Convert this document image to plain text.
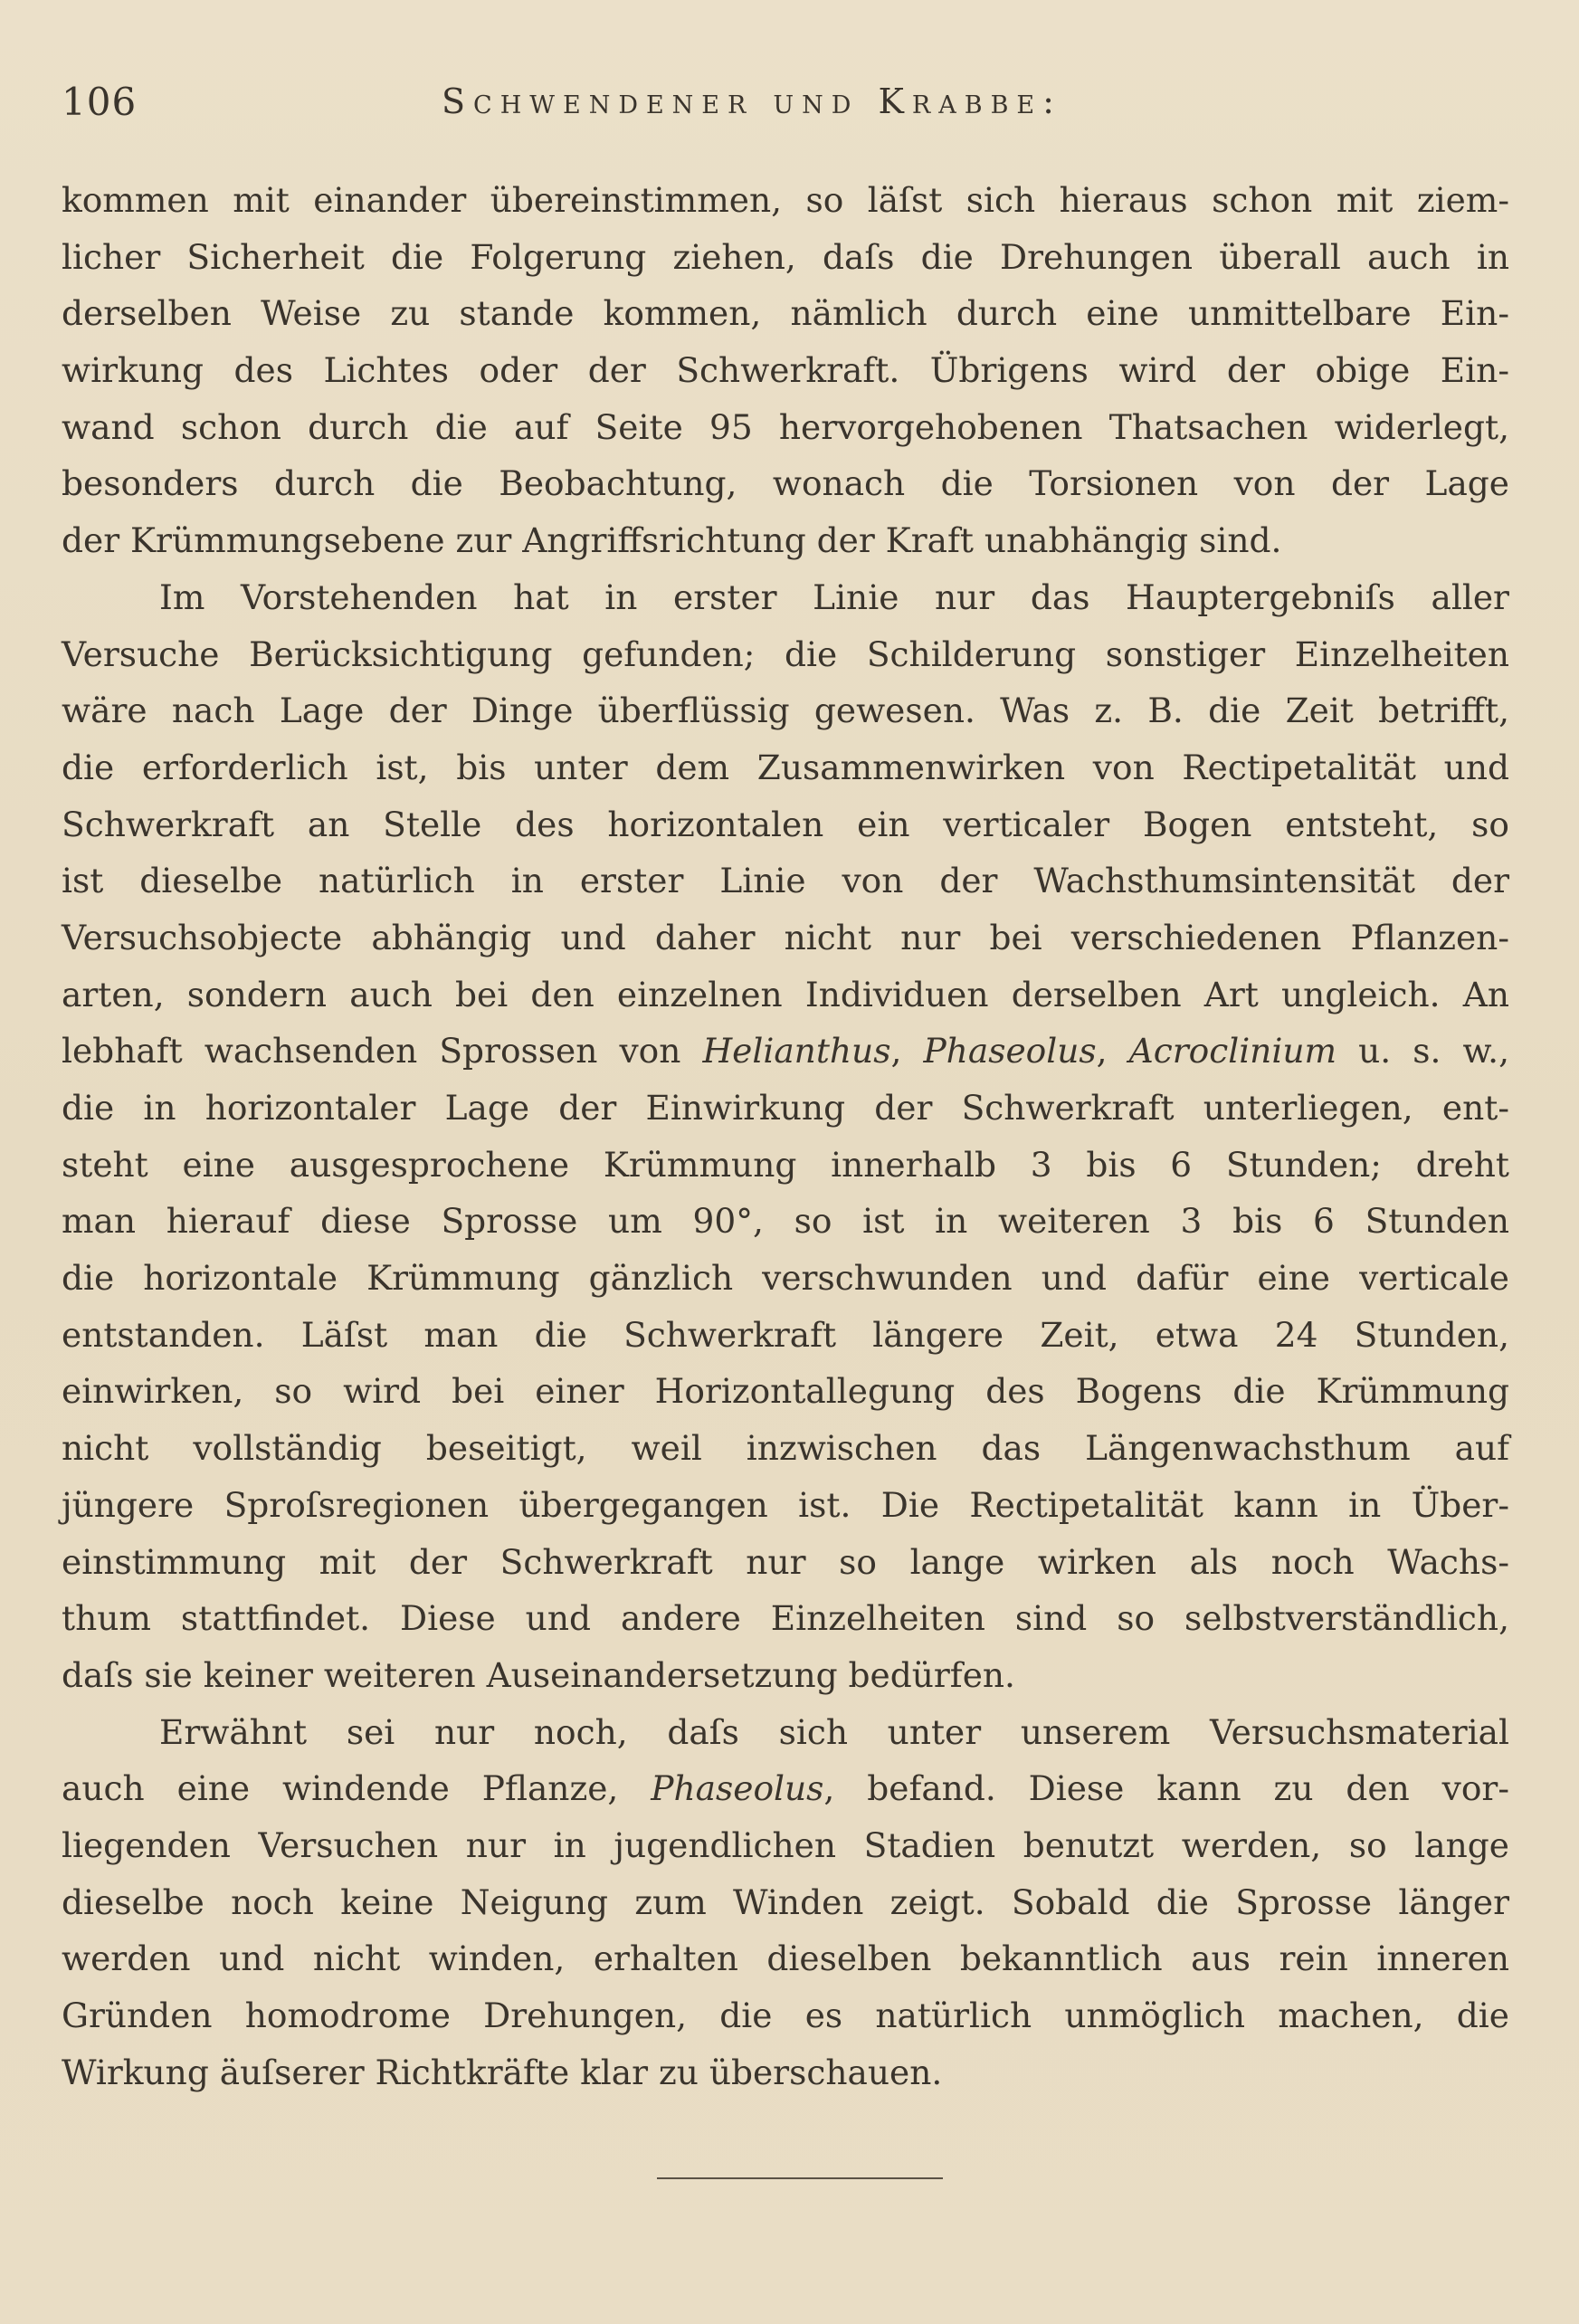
106	Schwendener und Krabbe:
kommen mit einander übereinstimmen, so läſst sich hieraus schon mit ziem-
licher Sicherheit die Folgerung ziehen, daſs die Drehungen überall auch in
derselben Weise zu stande kommen, nämlich durch eine unmittelbare Ein-
wirkung des Lichtes oder der Schwerkraft. Übrigens wird der obige Ein-
wand schon durch die auf Seite 95 hervorgehobenen Thatsachen widerlegt,
besonders durch die Beobachtung, wonach die Torsionen von der Lage
der Krümmungsebene zur Angriffsrichtung der Kraft unabhängig sind.
Im Vorstehenden hat in erster Linie nur das Hauptergebniſs aller
Versuche Berücksichtigung gefunden; die Schilderung sonstiger Einzelheiten
wäre nach Lage der Dinge überflüssig gewesen. Was z. B. die Zeit betrifft,
die erforderlich ist, bis unter dem Zusammenwirken von Rectipetalität und
Schwerkraft an Stelle des horizontalen ein verticaler Bogen entsteht, so
ist dieselbe natürlich in erster Linie von der Wachsthumsintensität der
Versuchsobjecte abhängig und daher nicht nur bei verschiedenen Pflanzen-
arten, sondern auch bei den einzelnen Individuen derselben Art ungleich. An
lebhaft wachsenden Sprossen von Helianthus, Phaseolus, Acroclinium u. s. w.,
die in horizontaler Lage der Einwirkung der Schwerkraft unterliegen, ent-
steht eine ausgesprochene Krümmung innerhalb 3 bis 6 Stunden; dreht
man hierauf diese Sprosse um 90°, so ist in weiteren 3 bis 6 Stunden
die horizontale Krümmung gänzlich verschwunden und dafür eine verticale
entstanden. Läſst man die Schwerkraft längere Zeit, etwa 24 Stunden,
einwirken, so wird bei einer Horizontallegung des Bogens die Krümmung
nicht vollständig beseitigt, weil inzwischen das Längenwachsthum auf
jüngere Sproſsregionen übergegangen ist. Die Rectipetalität kann in Über-
einstimmung mit der Schwerkraft nur so lange wirken als noch Wachs-
thum stattfindet. Diese und andere Einzelheiten sind so selbstverständlich,
daſs sie keiner weiteren Auseinandersetzung bedürfen.
Erwähnt sei nur noch, daſs sich unter unserem Versuchsmaterial
auch eine windende Pflanze, Phaseolus, befand. Diese kann zu den vor-
liegenden Versuchen nur in jugendlichen Stadien benutzt werden, so lange
dieselbe noch keine Neigung zum Winden zeigt. Sobald die Sprosse länger
werden und nicht winden, erhalten dieselben bekanntlich aus rein inneren
Gründen homodrome Drehungen, die es natürlich unmöglich machen, die
Wirkung äuſserer Richtkräfte klar zu überschauen.
